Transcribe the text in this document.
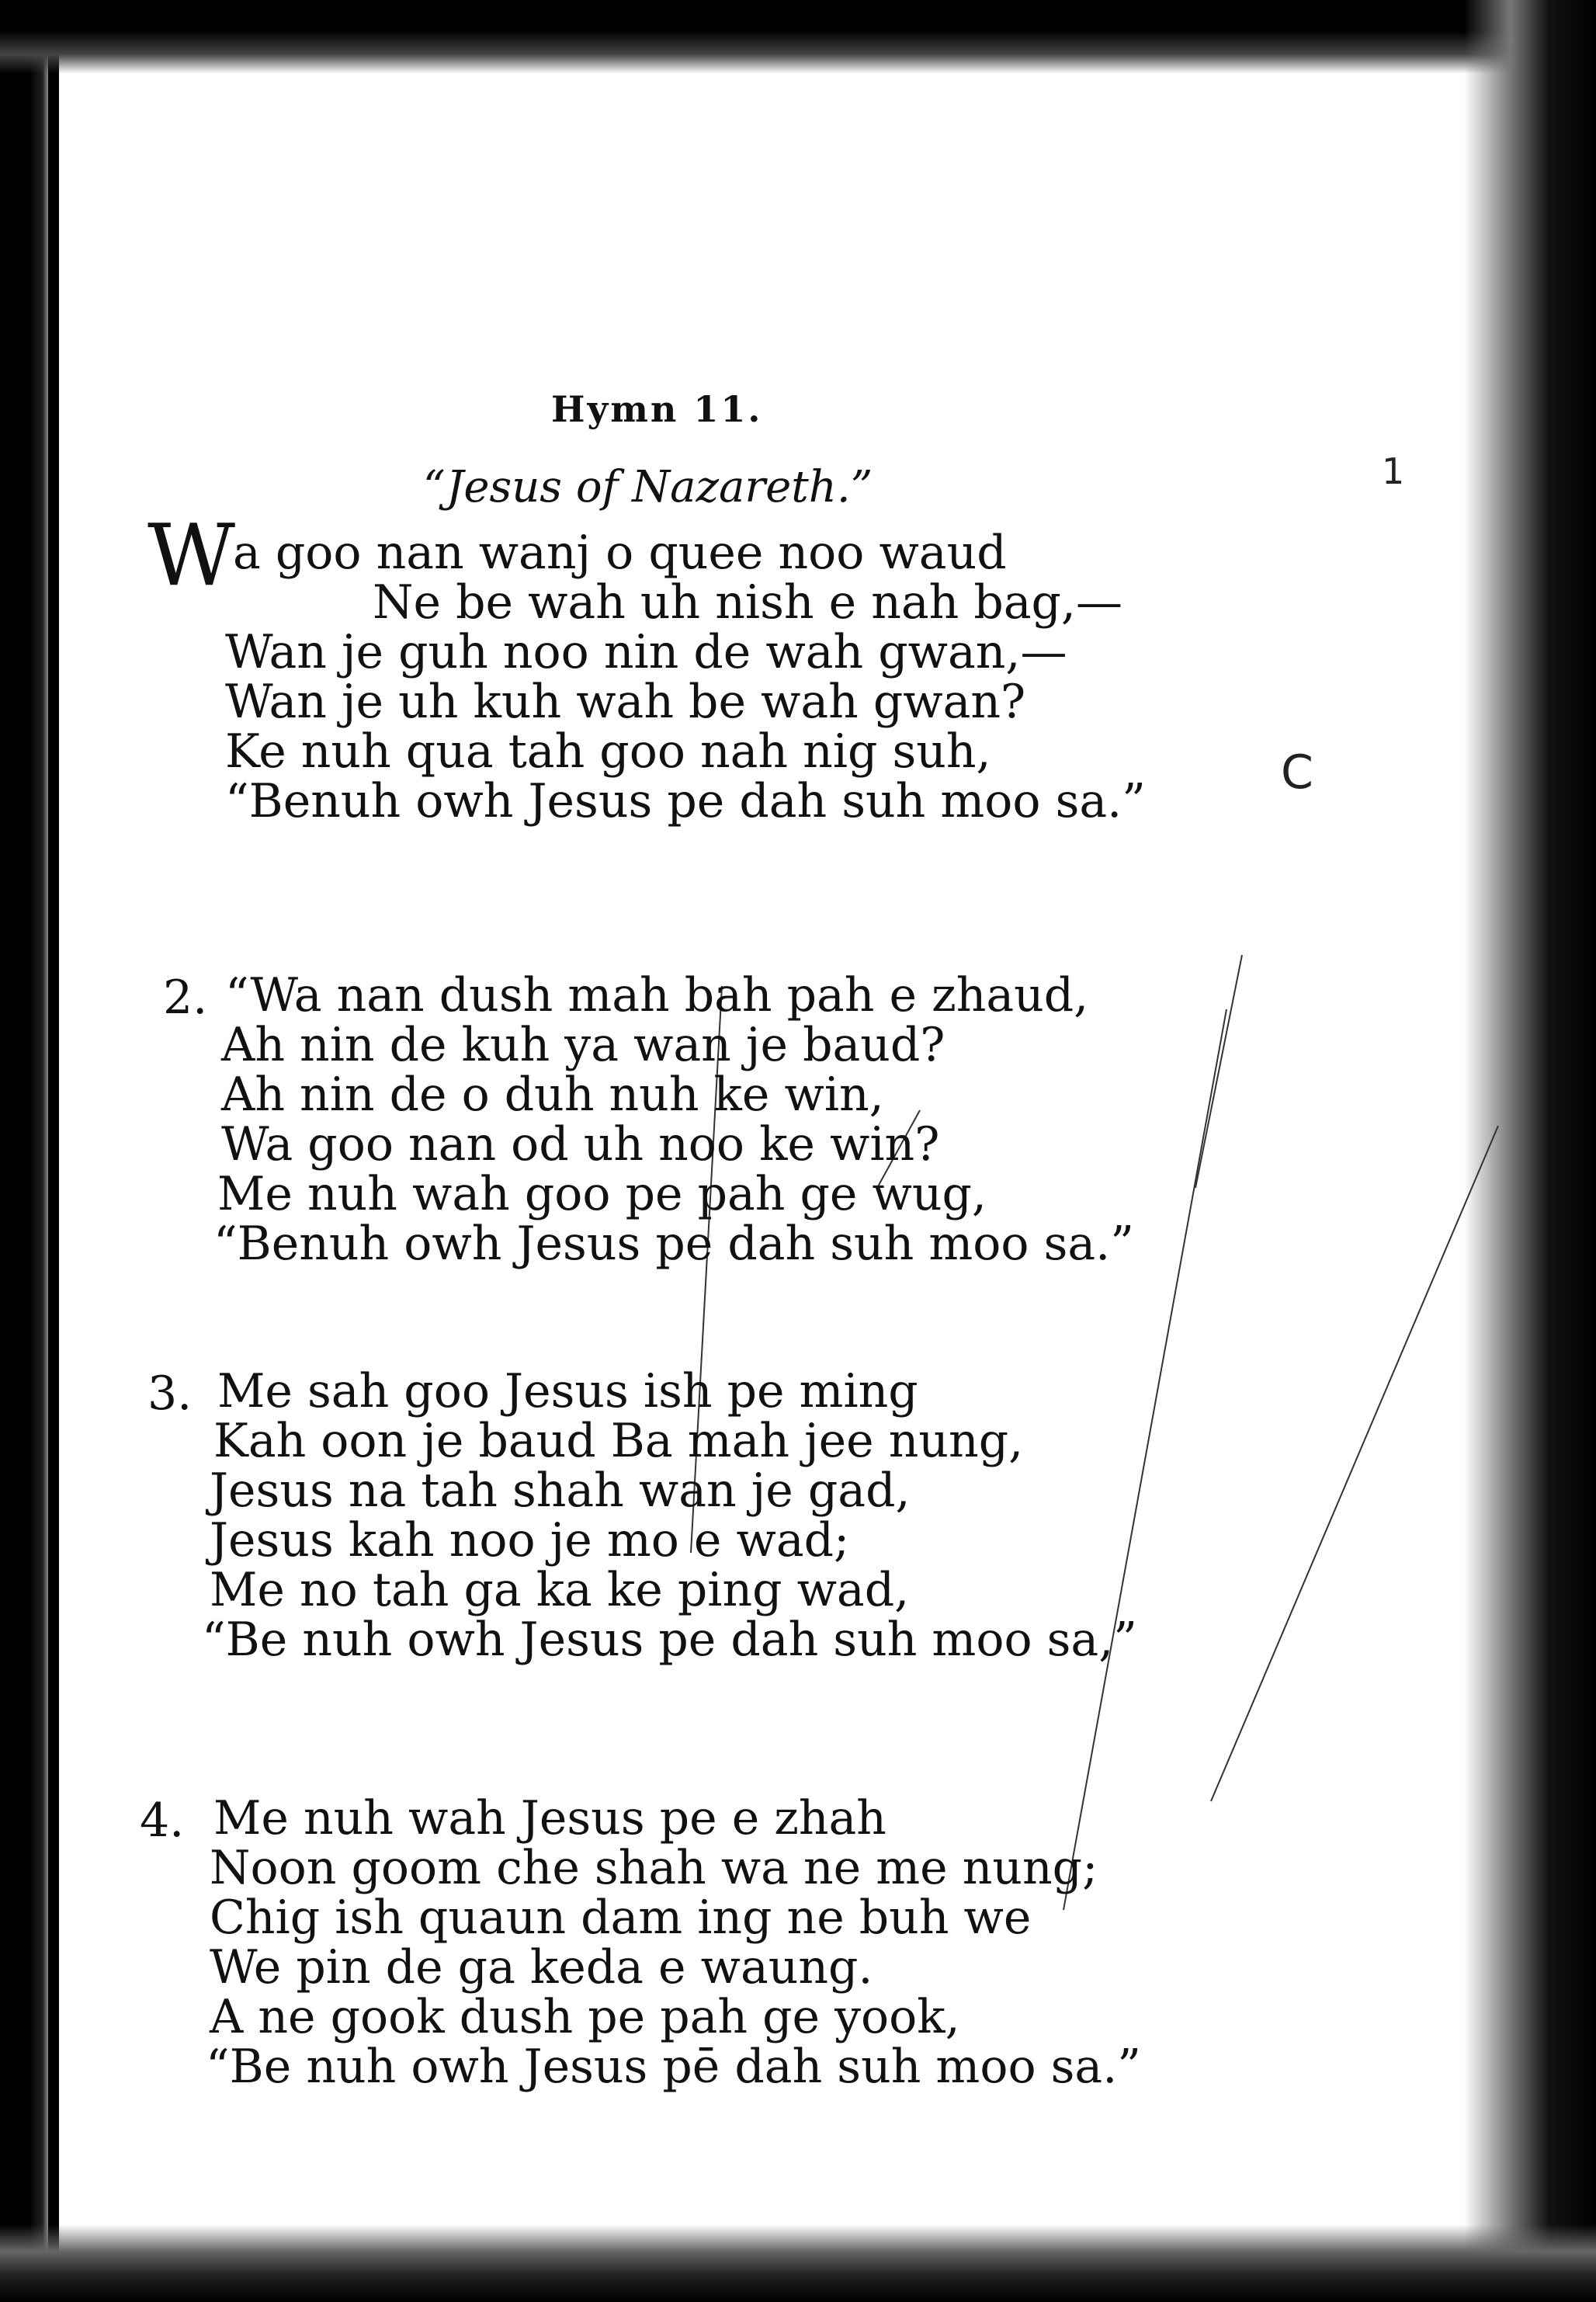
1
C
Hymn 11.
“Jesus of Nazareth.”
W
a goo nan wanj o quee noo waud
Ne be wah uh nish e nah bag,—
Wan je guh noo nin de wah gwan,—
Wan je uh kuh wah be wah gwan?
Ke nuh qua tah goo nah nig suh,
“Benuh owh Jesus pe dah suh moo sa.”
2. “Wa nan dush mah bah pah e zhaud,
Ah nin de kuh ya wan je baud?
Ah nin de o duh nuh ke win,
Wa goo nan od uh noo ke win?
Me nuh wah goo pe pah ge wug,
“Benuh owh Jesus pe dah suh moo sa.”
3. Me sah goo Jesus ish pe ming
Kah oon je baud Ba mah jee nung,
Jesus na tah shah wan je gad,
Jesus kah noo je mo e wad;
Me no tah ga ka ke ping wad,
“Be nuh owh Jesus pe dah suh moo sa,”
4. Me nuh wah Jesus pe e zhah
Noon goom che shah wa ne me nung;
Chig ish quaun dam ing ne buh we
We pin de ga keda e waung.
A ne gook dush pe pah ge yook,
“Be nuh owh Jesus pē dah suh moo sa.”
